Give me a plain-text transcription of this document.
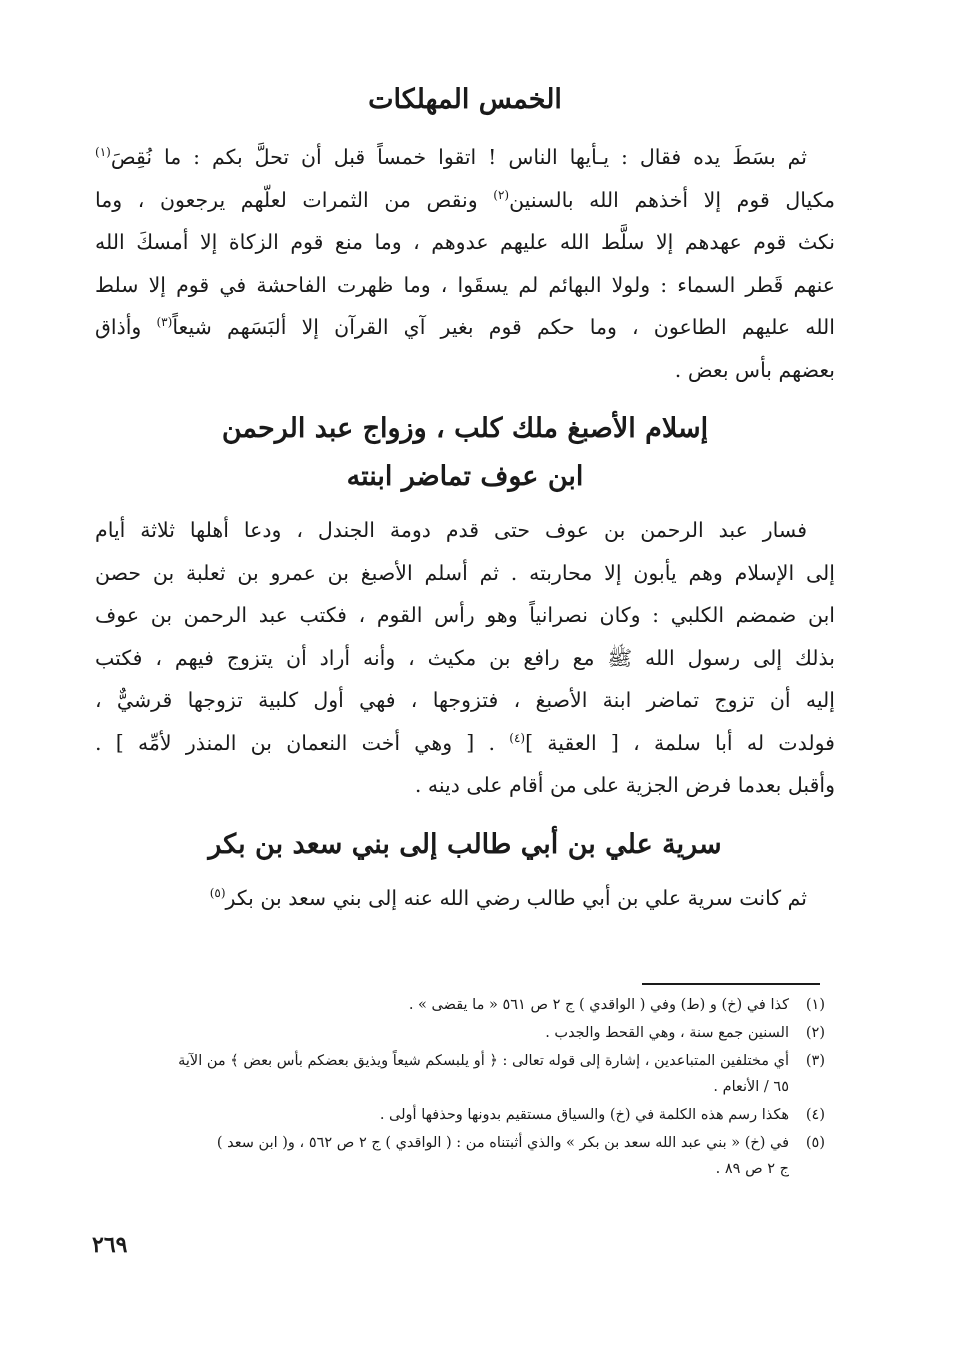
الخمس المهلكات
ثم بسَطَ يده فقال : يـأيها الناس ! اتقوا خمساً قبل أن تحلَّ بكم : ما نُقِصَ$^{(١)}$
مكيال قوم إلا أخذهم الله بالسنين$^{(٢)}$ ونقص من الثمرات لعلّهم يرجعون ، وما
نكث قوم عهدهم إلا سلَّط الله عليهم عدوهم ، وما منع قوم الزكاة إلا أمسكَ الله
عنهم قَطر السماء : ولولا البهائم لم يسقَوا ، وما ظهرت الفاحشة في قوم إلا سلط
الله عليهم الطاعون ، وما حكم قوم بغير آي القرآن إلا ألبَسَهم شيعاً$^{(٣)}$ وأذاق
بعضهم بأس بعض .
إسلام الأصبغ ملك كلب ، وزواج عبد الرحمن
ابن عوف تماضر ابنته
فسار عبد الرحمن بن عوف حتى قدم دومة الجندل ، ودعا أهلها ثلاثة أيام
إلى الإسلام وهم يأبون إلا محاربته . ثم أسلم الأصبغ بن عمرو بن ثعلبة بن حصن
ابن ضمضم الكلبي : وكان نصرانياً وهو رأس القوم ، فكتب عبد الرحمن بن عوف
بذلك إلى رسول الله ﷺ مع رافع بن مكيث ، وأنه أراد أن يتزوج فيهم ، فكتب
إليه أن تزوج تماضر ابنة الأصبغ ، فتزوجها ، فهي أول كلبية تزوجها قرشيٌّ ،
فولدت له أبا سلمة ، [ العقية ]$^{(٤)}$ . [ وهي أخت النعمان بن المنذر لأمِّه ] .
وأقبل بعدما فرض الجزية على من أقام على دينه .
سرية علي بن أبي طالب إلى بني سعد بن بكر
ثم كانت سرية علي بن أبي طالب رضي الله عنه إلى بني سعد بن بكر$^{(٥)}$
(١)
كذا في (خ) و (ط) وفي ( الواقدي ) ج ٢ ص ٥٦١ « ما يقضى » .
(٢)
السنين جمع سنة ، وهي القحط والجدب .
(٣)
أي مختلفين المتباعدين ، إشارة إلى قوله تعالى : ﴿ أو يلبسكم شيعاً ويذيق بعضكم بأس بعض ﴾ من الآية
٦٥ / الأنعام .
(٤)
هكذا رسم هذه الكلمة في (خ) والسياق مستقيم بدونها وحذفها أولى .
(٥)
في (خ) « بني عبد الله سعد بن بكر » والذي أثبتناه من : ( الواقدي ) ج ٢ ص ٥٦٢ ، و( ابن سعد )
ج ٢ ص ٨٩ .
٢٦٩
